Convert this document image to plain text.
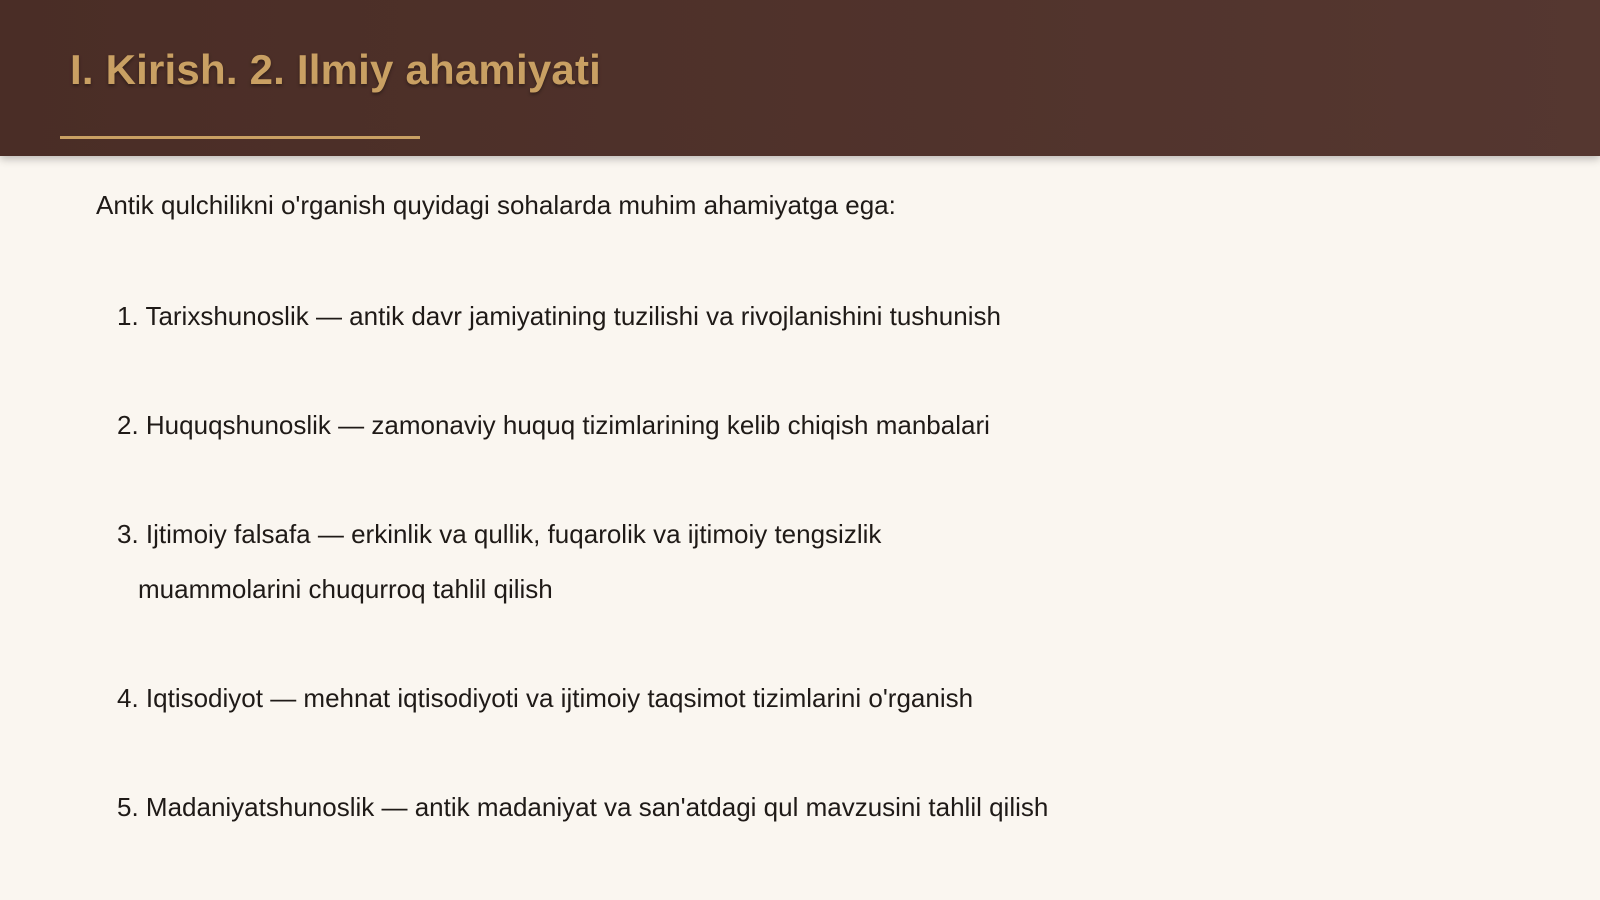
I. Kirish. 2. Ilmiy ahamiyati

Antik qulchilikni o'rganish quyidagi sohalarda muhim ahamiyatga ega:

1. Tarixshunoslik — antik davr jamiyatining tuzilishi va rivojlanishini tushunish
2. Huquqshunoslik — zamonaviy huquq tizimlarining kelib chiqish manbalari
3. Ijtimoiy falsafa — erkinlik va qullik, fuqarolik va ijtimoiy tengsizlik
muammolarini chuqurroq tahlil qilish
4. Iqtisodiyot — mehnat iqtisodiyoti va ijtimoiy taqsimot tizimlarini o'rganish
5. Madaniyatshunoslik — antik madaniyat va san'atdagi qul mavzusini tahlil qilish
